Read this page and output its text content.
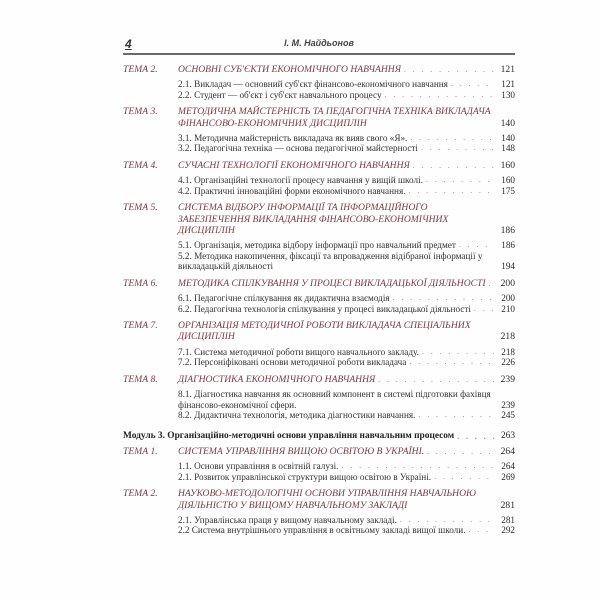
4	І. М. Найдьонов
ТЕМА 2. ОСНОВНІ СУБ'ЄКТИ ЕКОНОМІЧНОГО НАВЧАННЯ . . .	121
2.1. Викладач — основний суб'єкт фінансово-економічного навчання . . .	121
2.2. Студент — об'єкт і суб'єкт навчального процесу . . .	130
ТЕМА 3. МЕТОДИЧНА МАЙСТЕРНІСТЬ ТА ПЕДАГОГІЧНА ТЕХНІКА ВИКЛАДАЧА ФІНАНСОВО-ЕКОНОМІЧНИХ ДИСЦИПЛІН	140
3.1. Методична майстерність викладача як вияв свого «Я». . . .	140
3.2. Педагогічна техніка — основа педагогічної майстерності . . .	148
ТЕМА 4. СУЧАСНІ ТЕХНОЛОГІЇ ЕКОНОМІЧНОГО НАВЧАННЯ . . .	160
4.1. Організаційні технології процесу навчання у вищій школі. . . .	160
4.2. Практичні інноваційні форми економічного навчання. . . .	175
ТЕМА 5. СИСТЕМА ВІДБОРУ ІНФОРМАЦІЇ ТА ІНФОРМАЦІЙНОГО ЗАБЕЗПЕЧЕННЯ ВИКЛАДАННЯ ФІНАНСОВО-ЕКОНОМІЧНИХ ДИСЦИПЛІН	186
5.1. Організація, методика відбору інформації про навчальний предмет . . .	186
5.2. Методика накопичення, фіксації та впровадження відібраної інформації у викладацькій діяльності	194
ТЕМА 6. МЕТОДИКА СПІЛКУВАННЯ У ПРОЦЕСІ ВИКЛАДАЦЬКОЇ ДІЯЛЬНОСТІ . . .	200
6.1. Педагогічне спілкування як дидактична взаємодія . . .	200
6.2. Педагогічна технологія спілкування у процесі викладацької діяльності . . .	210
ТЕМА 7. ОРГАНІЗАЦІЯ МЕТОДИЧНОЇ РОБОТИ ВИКЛАДАЧА СПЕЦІАЛЬНИХ ДИСЦИПЛІН	218
7.1. Система методичної роботи вищого навчального закладу. . . .	218
7.2. Персоніфіковані основи методичної роботи викладача . . .	226
ТЕМА 8. ДІАГНОСТИКА ЕКОНОМІЧНОГО НАВЧАННЯ . . .	239
8.1. Діагностика навчання як основний компонент в системі підготовки фахівця фінансово-економічної сфери.	239
8.2. Дидактична технологія, методика діагностики навчання. . . .	245
Модуль 3. Організаційно-методичні основи управління навчальним процесом . . .	263
ТЕМА 1. СИСТЕМА УПРАВЛІННЯ ВИЩОЮ ОСВІТОЮ В УКРАЇНІ. . . .	264
1.1. Основи управління в освітній галузі. . . .	264
2.1. Розвиток управлінської структури вищою освітою в Україні. . . .	269
ТЕМА 2. НАУКОВО-МЕТОДОЛОГІЧНІ ОСНОВИ УПРАВЛІННЯ НАВЧАЛЬНОЮ ДІЯЛЬНІСТЮ У ВИЩОМУ НАВЧАЛЬНОМУ ЗАКЛАДІ	281
2.1. Управлінська праця у вищому навчальному закладі. . . .	281
2.2 Система внутрішнього управління в освітньому закладі вищої школи. . . .	292
